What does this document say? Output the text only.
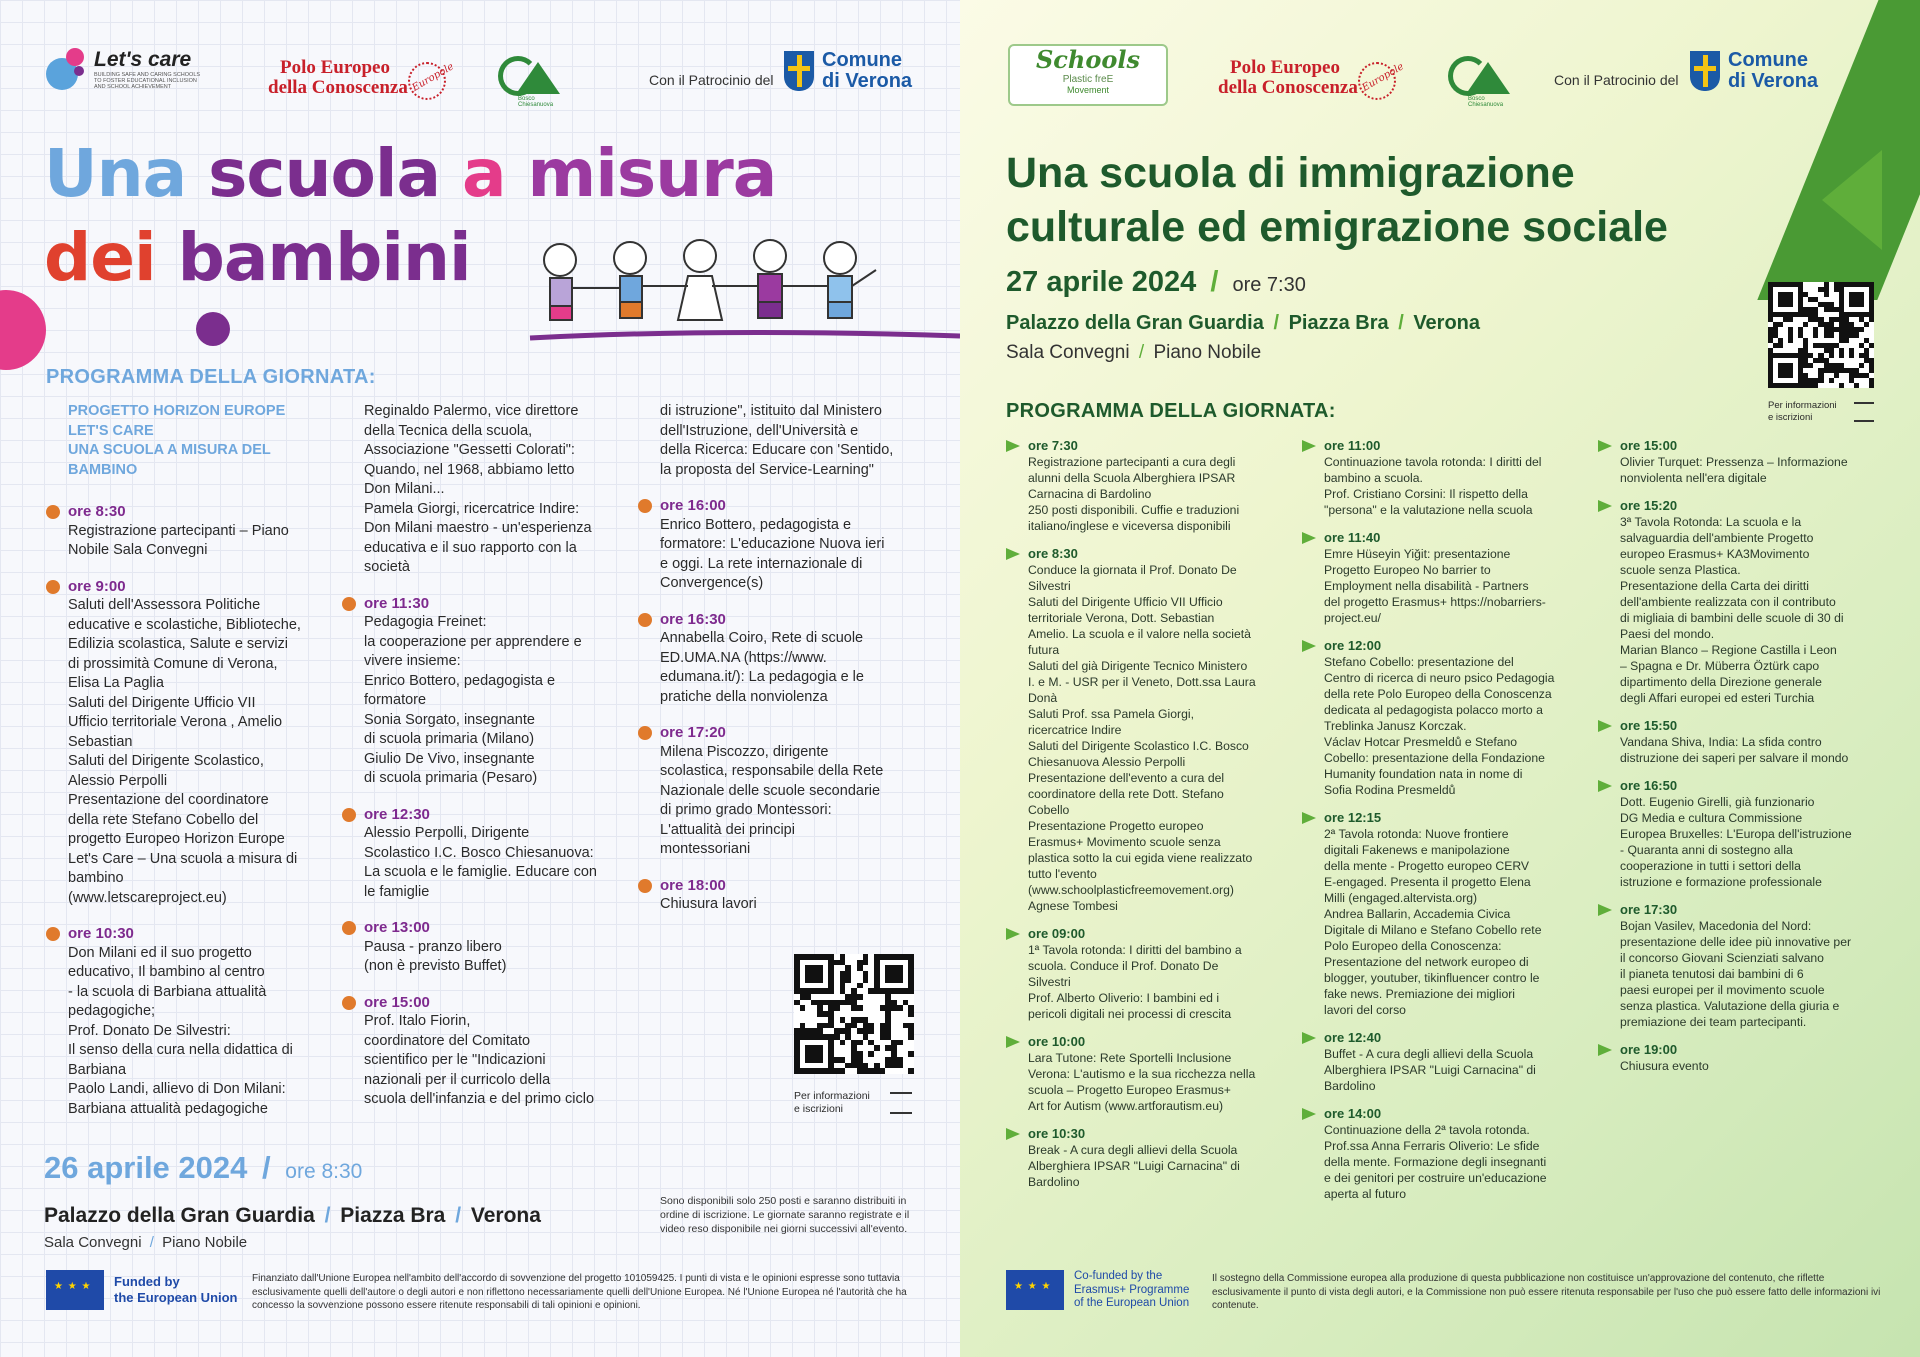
Let's care
BUILDING SAFE AND CARING SCHOOLS TO FOSTER EDUCATIONAL INCLUSION AND SCHOOL ACHIEVEMENT
Polo Europeo
della Conoscenza Europole
Bosco Chiesanuova
Con il Patrocinio del
Comune
di Verona
Una scuola a misura
dei bambini
PROGRAMMA DELLA GIORNATA:
PROGETTO HORIZON EUROPE
LET'S CARE
UNA SCUOLA A MISURA DEL
BAMBINO
ore 8:30
Registrazione partecipanti – Piano
Nobile Sala Convegni
ore 9:00
Saluti dell'Assessora Politiche
educative e scolastiche, Biblioteche,
Edilizia scolastica, Salute e servizi
di prossimità Comune di Verona,
Elisa La Paglia
Saluti del Dirigente Ufficio VII
Ufficio territoriale Verona , Amelio
Sebastian
Saluti del Dirigente Scolastico,
Alessio Perpolli
Presentazione del coordinatore
della rete Stefano Cobello del
progetto Europeo Horizon Europe
Let's Care – Una scuola a misura di
bambino
(www.letscareproject.eu)
ore 10:30
Don Milani ed il suo progetto
educativo, Il bambino al centro
- la scuola di Barbiana attualità
pedagogiche;
Prof. Donato De Silvestri:
Il senso della cura nella didattica di
Barbiana
Paolo Landi, allievo di Don Milani:
Barbiana attualità pedagogiche
Reginaldo Palermo, vice direttore
della Tecnica della scuola,
Associazione "Gessetti Colorati":
Quando, nel 1968, abbiamo letto
Don Milani...
Pamela Giorgi, ricercatrice Indire:
Don Milani maestro - un'esperienza
educativa e il suo rapporto con la
società
ore 11:30
Pedagogia Freinet:
la cooperazione per apprendere e
vivere insieme:
Enrico Bottero, pedagogista e
formatore
Sonia Sorgato, insegnante
di scuola primaria (Milano)
Giulio De Vivo, insegnante
di scuola primaria (Pesaro)
ore 12:30
Alessio Perpolli, Dirigente
Scolastico I.C. Bosco Chiesanuova:
La scuola e le famiglie. Educare con
le famiglie
ore 13:00
Pausa - pranzo libero
(non è previsto Buffet)
ore 15:00
Prof. Italo Fiorin,
coordinatore del Comitato
scientifico per le "Indicazioni
nazionali per il curricolo della
scuola dell'infanzia e del primo ciclo
di istruzione", istituito dal Ministero
dell'Istruzione, dell'Università e
della Ricerca: Educare con 'Sentido,
la proposta del Service-Learning"
ore 16:00
Enrico Bottero, pedagogista e
formatore: L'educazione Nuova ieri
e oggi. La rete internazionale di
Convergence(s)
ore 16:30
Annabella Coiro, Rete di scuole
ED.UMA.NA (https://www.
edumana.it/): La pedagogia e le
pratiche della nonviolenza
ore 17:20
Milena Piscozzo, dirigente
scolastica, responsabile della Rete
Nazionale delle scuole secondarie
di primo grado Montessori:
L'attualità dei principi
montessoriani
ore 18:00
Chiusura lavori
Per informazioni
e iscrizioni
26 aprile 2024 / ore 8:30
Palazzo della Gran Guardia / Piazza Bra / Verona
Sala Convegni / Piano Nobile
Sono disponibili solo 250 posti e saranno distribuiti in ordine di iscrizione. Le giornate saranno registrate e il video reso disponibile nei giorni successivi all'evento.
★ ★ ★
Funded by
the European Union
Finanziato dall'Unione Europea nell'ambito dell'accordo di sovvenzione del progetto 101059425. I punti di vista e le opinioni espresse sono tuttavia esclusivamente quelli dell'autore o degli autori e non riflettono necessariamente quelli dell'Unione Europea. Né l'Unione Europea né l'autorità che ha concesso la sovvenzione possono essere ritenute responsabili di tali opinioni e opinioni.
Schools
Plastic freE
Movement
Polo Europeo
della Conoscenza Europole
Bosco Chiesanuova
Con il Patrocinio del
Comune
di Verona
Una scuola di immigrazione
culturale ed emigrazione sociale
27 aprile 2024 / ore 7:30
Palazzo della Gran Guardia / Piazza Bra / Verona
Sala Convegni / Piano Nobile
Per informazioni
e iscrizioni
PROGRAMMA DELLA GIORNATA:
ore 7:30
Registrazione partecipanti a cura degli
alunni della Scuola Alberghiera IPSAR
Carnacina di Bardolino
250 posti disponibili. Cuffie e traduzioni
italiano/inglese e viceversa disponibili
ore 8:30
Conduce la giornata il Prof. Donato De
Silvestri
Saluti del Dirigente Ufficio VII Ufficio
territoriale Verona, Dott. Sebastian
Amelio. La scuola e il valore nella società
futura
Saluti del già Dirigente Tecnico Ministero
I. e M. - USR per il Veneto, Dott.ssa Laura
Donà
Saluti Prof. ssa Pamela Giorgi,
ricercatrice Indire
Saluti del Dirigente Scolastico I.C. Bosco
Chiesanuova Alessio Perpolli
Presentazione dell'evento a cura del
coordinatore della rete Dott. Stefano
Cobello
Presentazione Progetto europeo
Erasmus+ Movimento scuole senza
plastica sotto la cui egida viene realizzato
tutto l'evento
(www.schoolplasticfreemovement.org)
Agnese Tombesi
ore 09:00
1ª Tavola rotonda: I diritti del bambino a
scuola. Conduce il Prof. Donato De
Silvestri
Prof. Alberto Oliverio: I bambini ed i
pericoli digitali nei processi di crescita
ore 10:00
Lara Tutone: Rete Sportelli Inclusione
Verona: L'autismo e la sua ricchezza nella
scuola – Progetto Europeo Erasmus+
Art for Autism (www.artforautism.eu)
ore 10:30
Break - A cura degli allievi della Scuola
Alberghiera IPSAR "Luigi Carnacina" di
Bardolino
ore 11:00
Continuazione tavola rotonda: I diritti del
bambino a scuola.
Prof. Cristiano Corsini: Il rispetto della
"persona" e la valutazione nella scuola
ore 11:40
Emre Hüseyin Yiğit: presentazione
Progetto Europeo No barrier to
Employment nella disabilità - Partners
del progetto Erasmus+ https://nobarriers-
project.eu/
ore 12:00
Stefano Cobello: presentazione del
Centro di ricerca di neuro psico Pedagogia
della rete Polo Europeo della Conoscenza
dedicata al pedagogista polacco morto a
Treblinka Janusz Korczak.
Václav Hotcar Presmeldů e Stefano
Cobello: presentazione della Fondazione
Humanity foundation nata in nome di
Sofia Rodina Presmeldů
ore 12:15
2ª Tavola rotonda: Nuove frontiere
digitali Fakenews e manipolazione
della mente - Progetto europeo CERV
E-engaged. Presenta il progetto Elena
Milli (engaged.altervista.org)
Andrea Ballarin, Accademia Civica
Digitale di Milano e Stefano Cobello rete
Polo Europeo della Conoscenza:
Presentazione del network europeo di
blogger, youtuber, tikinfluencer contro le
fake news. Premiazione dei migliori
lavori del corso
ore 12:40
Buffet - A cura degli allievi della Scuola
Alberghiera IPSAR "Luigi Carnacina" di
Bardolino
ore 14:00
Continuazione della 2ª tavola rotonda.
Prof.ssa Anna Ferraris Oliverio: Le sfide
della mente. Formazione degli insegnanti
e dei genitori per costruire un'educazione
aperta al futuro
ore 15:00
Olivier Turquet: Pressenza – Informazione
nonviolenta nell'era digitale
ore 15:20
3ª Tavola Rotonda: La scuola e la
salvaguardia dell'ambiente Progetto
europeo Erasmus+ KA3Movimento
scuole senza Plastica.
Presentazione della Carta dei diritti
dell'ambiente realizzata con il contributo
di migliaia di bambini delle scuole di 30 di
Paesi del mondo.
Marian Blanco – Regione Castilla i Leon
– Spagna e Dr. Müberra Öztürk capo
dipartimento della Direzione generale
degli Affari europei ed esteri Turchia
ore 15:50
Vandana Shiva, India: La sfida contro
distruzione dei saperi per salvare il mondo
ore 16:50
Dott. Eugenio Girelli, già funzionario
DG Media e cultura Commissione
Europea Bruxelles: L'Europa dell'istruzione
- Quaranta anni di sostegno alla
cooperazione in tutti i settori della
istruzione e formazione professionale
ore 17:30
Bojan Vasilev, Macedonia del Nord:
presentazione delle idee più innovative per
il concorso Giovani Scienziati salvano
il pianeta tenutosi dai bambini di 6
paesi europei per il movimento scuole
senza plastica. Valutazione della giuria e
premiazione dei team partecipanti.
ore 19:00
Chiusura evento
★ ★ ★
Co-funded by the
Erasmus+ Programme
of the European Union
Il sostegno della Commissione europea alla produzione di questa pubblicazione non costituisce un'approvazione del contenuto, che riflette esclusivamente il punto di vista degli autori, e la Commissione non può essere ritenuta responsabile per l'uso che può essere fatto delle informazioni ivi contenute.
